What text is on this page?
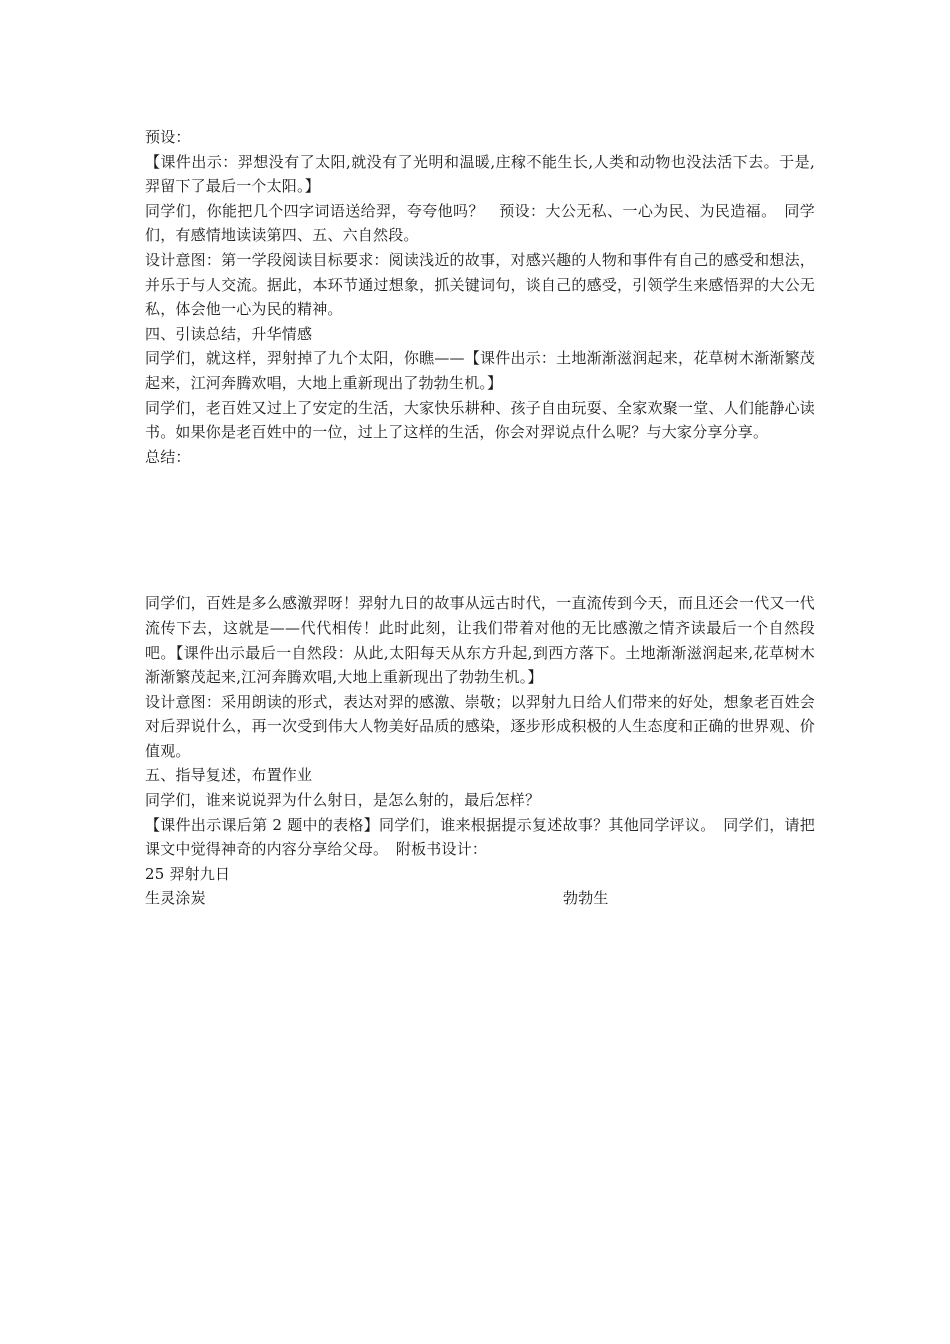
预设：

【课件出示：羿想没有了太阳,就没有了光明和温暖,庄稼不能生长,人类和动物也没法活下去。于是,羿留下了最后一个太阳。】

同学们，你能把几个四字词语送给羿，夸夸他吗？　预设：大公无私、一心为民、为民造福。　同学们，有感情地读读第四、五、六自然段。

设计意图：第一学段阅读目标要求：阅读浅近的故事，对感兴趣的人物和事件有自己的感受和想法，并乐于与人交流。据此，本环节通过想象，抓关键词句，谈自己的感受，引领学生来感悟羿的大公无私，体会他一心为民的精神。

四、引读总结，升华情感

同学们，就这样，羿射掉了九个太阳，你瞧——【课件出示：土地渐渐滋润起来，花草树木渐渐繁茂起来，江河奔腾欢唱，大地上重新现出了勃勃生机。】

同学们，老百姓又过上了安定的生活，大家快乐耕种、孩子自由玩耍、全家欢聚一堂、人们能静心读书。如果你是老百姓中的一位，过上了这样的生活，你会对羿说点什么呢？与大家分享分享。

总结：

同学们，百姓是多么感激羿呀！羿射九日的故事从远古时代，一直流传到今天，而且还会一代又一代流传下去，这就是——代代相传！此时此刻，让我们带着对他的无比感激之情齐读最后一个自然段吧。【课件出示最后一自然段：从此,太阳每天从东方升起,到西方落下。土地渐渐滋润起来,花草树木渐渐繁茂起来,江河奔腾欢唱,大地上重新现出了勃勃生机。】

设计意图：采用朗读的形式，表达对羿的感激、崇敬；以羿射九日给人们带来的好处，想象老百姓会对后羿说什么，再一次受到伟大人物美好品质的感染，逐步形成积极的人生态度和正确的世界观、价值观。

五、指导复述，布置作业

同学们，谁来说说羿为什么射日，是怎么射的，最后怎样？

【课件出示课后第 2 题中的表格】同学们，谁来根据提示复述故事？其他同学评议。　同学们，请把课文中觉得神奇的内容分享给父母。　附板书设计：

25 羿射九日

生灵涂炭	勃勃生
